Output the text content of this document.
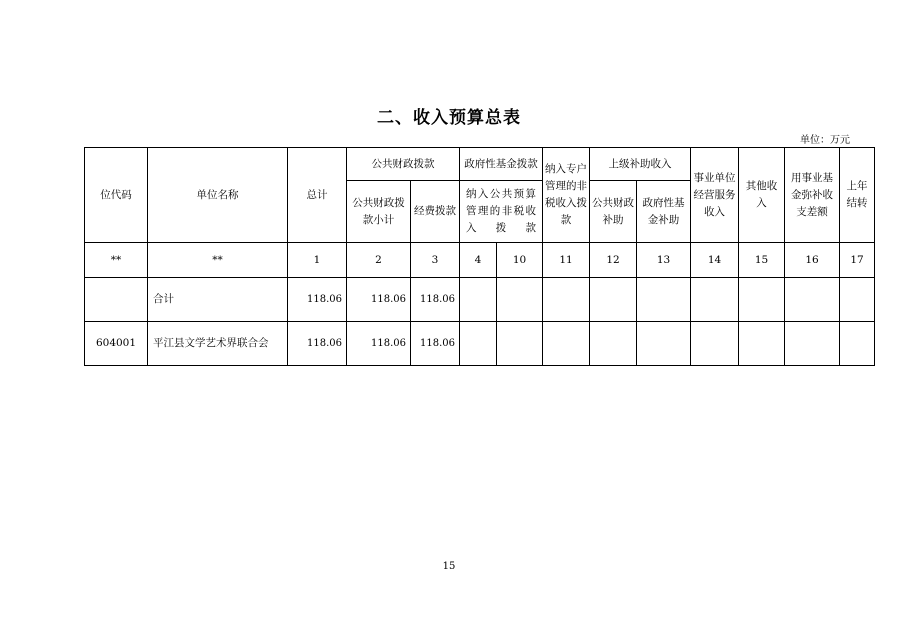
二、收入预算总表
单位：万元
位代码	单位名称	总计	公共财政拨款		政府性基金拨款		纳入专户管理的非税收入拨款	上级补助收入		事业单位经营服务收入	其他收入	用事业基金弥补收支差额	上年结转
			公共财政拨款小计	经费拨款	纳入公共预算管理的非税收入拨款			公共财政补助	政府性基金补助				
**	**	1	2	3	4	10	11	12	13	14	15	16	17
	合计	118.06	118.06	118.06									
604001	平江县文学艺术界联合会	118.06	118.06	118.06									
15
